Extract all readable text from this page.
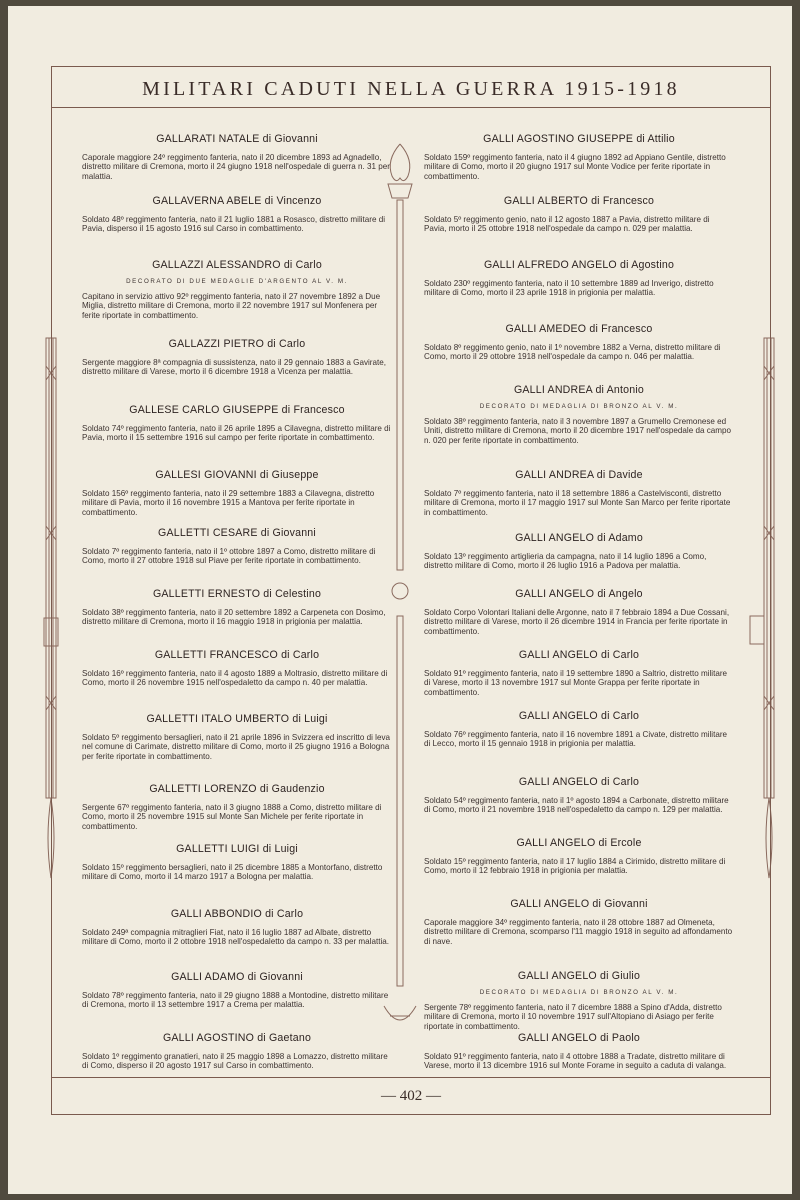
MILITARI CADUTI NELLA GUERRA 1915-1918
GALLARATI NATALE di Giovanni
Caporale maggiore 24º reggimento fanteria, nato il 20 dicembre 1893 ad Agnadello, distretto militare di Cremona, morto il 24 giugno 1918 nell'ospedale di guerra n. 31 per malattia.
GALLAVERNA ABELE di Vincenzo
Soldato 48º reggimento fanteria, nato il 21 luglio 1881 a Rosasco, distretto militare di Pavia, disperso il 15 agosto 1916 sul Carso in combattimento.
GALLAZZI ALESSANDRO di Carlo
DECORATO DI DUE MEDAGLIE D'ARGENTO AL V. M.
Capitano in servizio attivo 92º reggimento fanteria, nato il 27 novembre 1892 a Due Miglia, distretto militare di Cremona, morto il 22 novembre 1917 sul Monfenera per ferite riportate in combattimento.
GALLAZZI PIETRO di Carlo
Sergente maggiore 8ª compagnia di sussistenza, nato il 29 gennaio 1883 a Gavirate, distretto militare di Varese, morto il 6 dicembre 1918 a Vicenza per malattia.
GALLESE CARLO GIUSEPPE di Francesco
Soldato 74º reggimento fanteria, nato il 26 aprile 1895 a Cilavegna, distretto militare di Pavia, morto il 15 settembre 1916 sul campo per ferite riportate in combattimento.
GALLESI GIOVANNI di Giuseppe
Soldato 156º reggimento fanteria, nato il 29 settembre 1883 a Cilavegna, distretto militare di Pavia, morto il 16 novembre 1915 a Mantova per ferite riportate in combattimento.
GALLETTI CESARE di Giovanni
Soldato 7º reggimento fanteria, nato il 1º ottobre 1897 a Como, distretto militare di Como, morto il 27 ottobre 1918 sul Piave per ferite riportate in combattimento.
GALLETTI ERNESTO di Celestino
Soldato 38º reggimento fanteria, nato il 20 settembre 1892 a Carpeneta con Dosimo, distretto militare di Cremona, morto il 16 maggio 1918 in prigionia per malattia.
GALLETTI FRANCESCO di Carlo
Soldato 16º reggimento fanteria, nato il 4 agosto 1889 a Moltrasio, distretto militare di Como, morto il 26 novembre 1915 nell'ospedaletto da campo n. 40 per malattia.
GALLETTI ITALO UMBERTO di Luigi
Soldato 5º reggimento bersaglieri, nato il 21 aprile 1896 in Svizzera ed inscritto di leva nel comune di Carimate, distretto militare di Como, morto il 25 giugno 1916 a Bologna per ferite riportate in combattimento.
GALLETTI LORENZO di Gaudenzio
Sergente 67º reggimento fanteria, nato il 3 giugno 1888 a Como, distretto militare di Como, morto il 25 novembre 1915 sul Monte San Michele per ferite riportate in combattimento.
GALLETTI LUIGI di Luigi
Soldato 15º reggimento bersaglieri, nato il 25 dicembre 1885 a Montorfano, distretto militare di Como, morto il 14 marzo 1917 a Bologna per malattia.
GALLI ABBONDIO di Carlo
Soldato 249ª compagnia mitraglieri Fiat, nato il 16 luglio 1887 ad Albate, distretto militare di Como, morto il 2 ottobre 1918 nell'ospedaletto da campo n. 33 per malattia.
GALLI ADAMO di Giovanni
Soldato 78º reggimento fanteria, nato il 29 giugno 1888 a Montodine, distretto militare di Cremona, morto il 13 settembre 1917 a Crema per malattia.
GALLI AGOSTINO di Gaetano
Soldato 1º reggimento granatieri, nato il 25 maggio 1898 a Lomazzo, distretto militare di Como, disperso il 20 agosto 1917 sul Carso in combattimento.
GALLI AGOSTINO GIUSEPPE di Attilio
Soldato 159º reggimento fanteria, nato il 4 giugno 1892 ad Appiano Gentile, distretto militare di Como, morto il 20 giugno 1917 sul Monte Vodice per ferite riportate in combattimento.
GALLI ALBERTO di Francesco
Soldato 5º reggimento genio, nato il 12 agosto 1887 a Pavia, distretto militare di Pavia, morto il 25 ottobre 1918 nell'ospedale da campo n. 029 per malattia.
GALLI ALFREDO ANGELO di Agostino
Soldato 230º reggimento fanteria, nato il 10 settembre 1889 ad Inverigo, distretto militare di Como, morto il 23 aprile 1918 in prigionia per malattia.
GALLI AMEDEO di Francesco
Soldato 8º reggimento genio, nato il 1º novembre 1882 a Verna, distretto militare di Como, morto il 29 ottobre 1918 nell'ospedale da campo n. 046 per malattia.
GALLI ANDREA di Antonio
DECORATO DI MEDAGLIA DI BRONZO AL V. M.
Soldato 38º reggimento fanteria, nato il 3 novembre 1897 a Grumello Cremonese ed Uniti, distretto militare di Cremona, morto il 20 dicembre 1917 nell'ospedale da campo n. 020 per ferite riportate in combattimento.
GALLI ANDREA di Davide
Soldato 7º reggimento fanteria, nato il 18 settembre 1886 a Castelvisconti, distretto militare di Cremona, morto il 17 maggio 1917 sul Monte San Marco per ferite riportate in combattimento.
GALLI ANGELO di Adamo
Soldato 13º reggimento artiglieria da campagna, nato il 14 luglio 1896 a Como, distretto militare di Como, morto il 26 luglio 1916 a Padova per malattia.
GALLI ANGELO di Angelo
Soldato Corpo Volontari Italiani delle Argonne, nato il 7 febbraio 1894 a Due Cossani, distretto militare di Varese, morto il 26 dicembre 1914 in Francia per ferite riportate in combattimento.
GALLI ANGELO di Carlo
Soldato 91º reggimento fanteria, nato il 19 settembre 1890 a Saltrio, distretto militare di Varese, morto il 13 novembre 1917 sul Monte Grappa per ferite riportate in combattimento.
GALLI ANGELO di Carlo
Soldato 76º reggimento fanteria, nato il 16 novembre 1891 a Civate, distretto militare di Lecco, morto il 15 gennaio 1918 in prigionia per malattia.
GALLI ANGELO di Carlo
Soldato 54º reggimento fanteria, nato il 1º agosto 1894 a Carbonate, distretto militare di Como, morto il 21 novembre 1918 nell'ospedaletto da campo n. 129 per malattia.
GALLI ANGELO di Ercole
Soldato 15º reggimento fanteria, nato il 17 luglio 1884 a Cirimido, distretto militare di Como, morto il 12 febbraio 1918 in prigionia per malattia.
GALLI ANGELO di Giovanni
Caporale maggiore 34º reggimento fanteria, nato il 28 ottobre 1887 ad Olmeneta, distretto militare di Cremona, scomparso l'11 maggio 1918 in seguito ad affondamento di nave.
GALLI ANGELO di Giulio
DECORATO DI MEDAGLIA DI BRONZO AL V. M.
Sergente 78º reggimento fanteria, nato il 7 dicembre 1888 a Spino d'Adda, distretto militare di Cremona, morto il 10 novembre 1917 sull'Altopiano di Asiago per ferite riportate in combattimento.
GALLI ANGELO di Paolo
Soldato 91º reggimento fanteria, nato il 4 ottobre 1888 a Tradate, distretto militare di Varese, morto il 13 dicembre 1916 sul Monte Forame in seguito a caduta di valanga.
— 402 —
